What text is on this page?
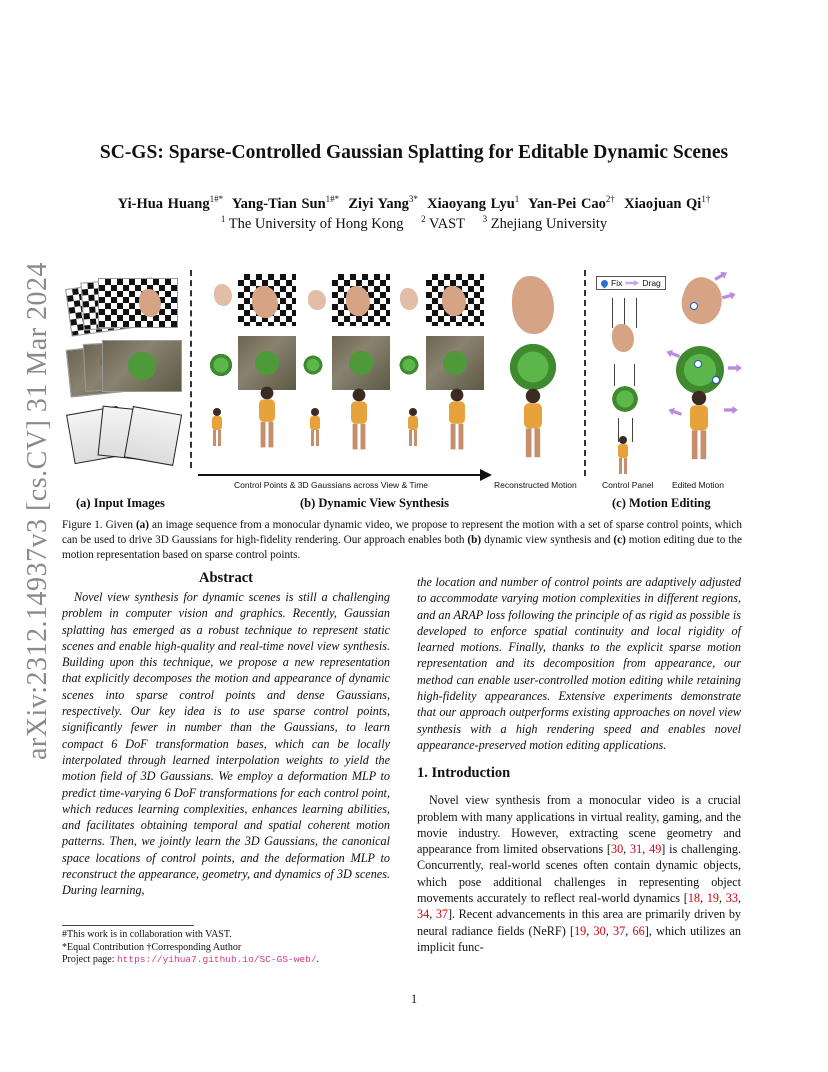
arXiv:2312.14937v3 [cs.CV] 31 Mar 2024
SC-GS: Sparse-Controlled Gaussian Splatting for Editable Dynamic Scenes
Yi-Hua Huang$^{1\#*}$ Yang-Tian Sun$^{1\#*}$ Ziyi Yang$^{3*}$ Xiaoyang Lyu$^1$ Yan-Pei Cao$^{2\dagger}$ Xiaojuan $Qi^{1\dagger}$
$^1$ The University of Hong Kong $^2$ VAST $^3$ Zhejiang University
Control Points & 3D Gaussians across View & Time	Reconstructed Motion
Fix Drag
Control Panel Edited Motion
(a) Input Images	(b) Dynamic View Synthesis	(c) Motion Editing
Figure 1. Given (a) an image sequence from a monocular dynamic video, we propose to represent the motion with a set of sparse control points, which can be used to drive 3D Gaussians for high-fidelity rendering. Our approach enables both (b) dynamic view synthesis and (c) motion editing due to the motion representation based on sparse control points.
Abstract
Novel view synthesis for dynamic scenes is still a challenging problem in computer vision and graphics. Recently, Gaussian splatting has emerged as a robust technique to represent static scenes and enable high-quality and real-time novel view synthesis. Building upon this technique, we propose a new representation that explicitly decomposes the motion and appearance of dynamic scenes into sparse control points and dense Gaussians, respectively. Our key idea is to use sparse control points, significantly fewer in number than the Gaussians, to learn compact 6 DoF transformation bases, which can be locally interpolated through learned interpolation weights to yield the motion field of 3D Gaussians. We employ a deformation MLP to predict time-varying 6 DoF transformations for each control point, which reduces learning complexities, enhances learning abilities, and facilitates obtaining temporal and spatial coherent motion patterns. Then, we jointly learn the 3D Gaussians, the canonical space locations of control points, and the deformation MLP to reconstruct the appearance, geometry, and dynamics of 3D scenes. During learning,
the location and number of control points are adaptively adjusted to accommodate varying motion complexities in different regions, and an ARAP loss following the principle of as rigid as possible is developed to enforce spatial continuity and local rigidity of learned motions. Finally, thanks to the explicit sparse motion representation and its decomposition from appearance, our method can enable user-controlled motion editing while retaining high-fidelity appearances. Extensive experiments demonstrate that our approach outperforms existing approaches on novel view synthesis with a high rendering speed and enables novel appearance-preserved motion editing applications.
1. Introduction
Novel view synthesis from a monocular video is a crucial problem with many applications in virtual reality, gaming, and the movie industry. However, extracting scene geometry and appearance from limited observations [30, 31, 49] is challenging. Concurrently, real-world scenes often contain dynamic objects, which pose additional challenges in representing object movements accurately to reflect real-world dynamics [18, 19, 33, 34, 37]. Recent advancements in this area are primarily driven by neural radiance fields (NeRF) [19, 30, 37, 66], which utilizes an implicit func-
#This work is in collaboration with VAST.
*Equal Contribution †Corresponding Author
Project page: https://yihua7.github.io/SC-GS-web/.
1
